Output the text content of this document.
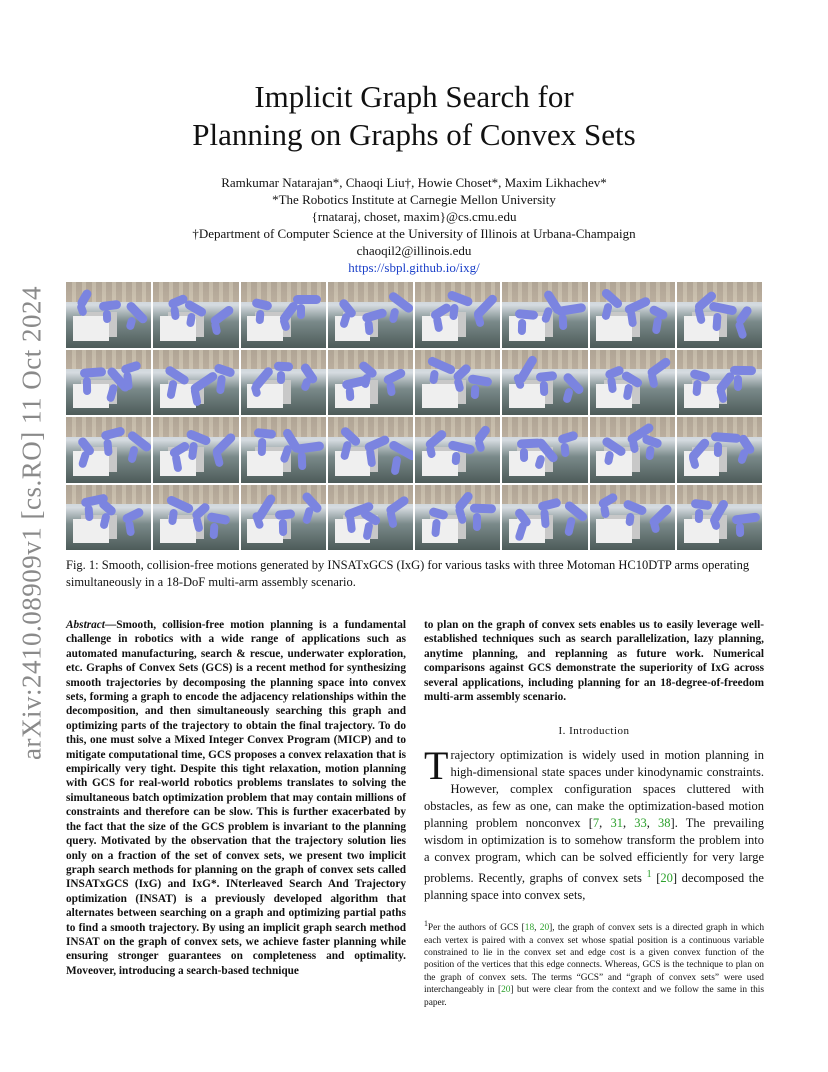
arXiv:2410.08909v1 [cs.RO] 11 Oct 2024
Implicit Graph Search for
Planning on Graphs of Convex Sets
Ramkumar Natarajan*, Chaoqi Liu†, Howie Choset*, Maxim Likhachev*
*The Robotics Institute at Carnegie Mellon University
{rnataraj, choset, maxim}@cs.cmu.edu
†Department of Computer Science at the University of Illinois at Urbana-Champaign
chaoqil2@illinois.edu
https://sbpl.github.io/ixg/
Fig. 1: Smooth, collision-free motions generated by INSATxGCS (IxG) for various tasks with three Motoman HC10DTP arms operating simultaneously in a 18-DoF multi-arm assembly scenario.
Abstract—Smooth, collision-free motion planning is a fundamental challenge in robotics with a wide range of applications such as automated manufacturing, search & rescue, underwater exploration, etc. Graphs of Convex Sets (GCS) is a recent method for synthesizing smooth trajectories by decomposing the planning space into convex sets, forming a graph to encode the adjacency relationships within the decomposition, and then simultaneously searching this graph and optimizing parts of the trajectory to obtain the final trajectory. To do this, one must solve a Mixed Integer Convex Program (MICP) and to mitigate computational time, GCS proposes a convex relaxation that is empirically very tight. Despite this tight relaxation, motion planning with GCS for real-world robotics problems translates to solving the simultaneous batch optimization problem that may contain millions of constraints and therefore can be slow. This is further exacerbated by the fact that the size of the GCS problem is invariant to the planning query. Motivated by the observation that the trajectory solution lies only on a fraction of the set of convex sets, we present two implicit graph search methods for planning on the graph of convex sets called INSATxGCS (IxG) and IxG*. INterleaved Search And Trajectory optimization (INSAT) is a previously developed algorithm that alternates between searching on a graph and optimizing partial paths to find a smooth trajectory. By using an implicit graph search method INSAT on the graph of convex sets, we achieve faster planning while ensuring stronger guarantees on completeness and optimality. Moveover, introducing a search-based technique
to plan on the graph of convex sets enables us to easily leverage well-established techniques such as search parallelization, lazy planning, anytime planning, and replanning as future work. Numerical comparisons against GCS demonstrate the superiority of IxG across several applications, including planning for an 18-degree-of-freedom multi-arm assembly scenario.
I. Introduction
Trajectory optimization is widely used in motion planning in high-dimensional state spaces under kinodynamic constraints. However, complex configuration spaces cluttered with obstacles, as few as one, can make the optimization-based motion planning problem nonconvex [7, 31, 33, 38]. The prevailing wisdom in optimization is to somehow transform the problem into a convex program, which can be solved efficiently for very large problems. Recently, graphs of convex sets $^1$ [20] decomposed the planning space into convex sets,
$^1$Per the authors of GCS [18, 20], the graph of convex sets is a directed graph in which each vertex is paired with a convex set whose spatial position is a continuous variable constrained to lie in the convex set and edge cost is a given convex function of the position of the vertices that this edge connects. Whereas, GCS is the technique to plan on the graph of convex sets. The terms “GCS” and “graph of convex sets” were used interchangeably in [20] but were clear from the context and we follow the same in this paper.
